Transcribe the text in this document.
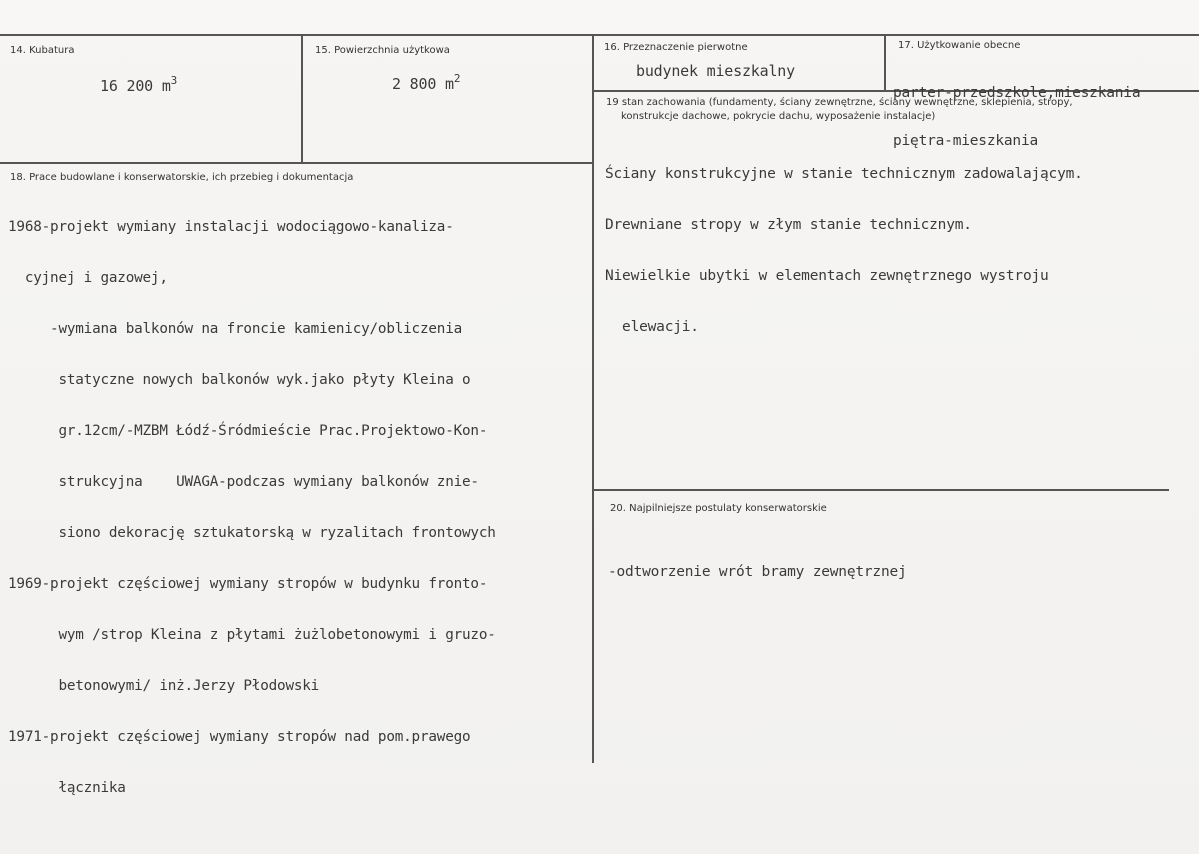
14. Kubatura
16 200 $m^3$
15. Powierzchnia użytkowa
2 800 $m^2$
16. Przeznaczenie pierwotne
budynek mieszkalny
17. Użytkowanie obecne

parter-przedszkole,mieszkania

piętra-mieszkania

19 stan zachowania (fundamenty, ściany zewnętrzne, ściany wewnętrzne, sklepienia, stropy,
konstrukcje dachowe, pokrycie dachu, wyposażenie instalacje)

Ściany konstrukcyjne w stanie technicznym zadowalającym.

Drewniane stropy w złym stanie technicznym.

Niewielkie ubytki w elementach zewnętrznego wystroju

elewacji.

18. Prace budowlane i konserwatorskie, ich przebieg i dokumentacja

1968-projekt wymiany instalacji wodociągowo-kanaliza-

cyjnej i gazowej,

-wymiana balkonów na froncie kamienicy/obliczenia

statyczne nowych balkonów wyk.jako płyty Kleina o

gr.12cm/-MZBM Łódź-Śródmieście Prac.Projektowo-Kon-

strukcyjna    UWAGA-podczas wymiany balkonów znie-

siono dekorację sztukatorską w ryzalitach frontowych

1969-projekt częściowej wymiany stropów w budynku fronto-

wym /strop Kleina z płytami żużlobetonowymi i gruzo-

betonowymi/ inż.Jerzy Płodowski

1971-projekt częściowej wymiany stropów nad pom.prawego

łącznika

20. Najpilniejsze postulaty konserwatorskie

-odtworzenie wrót bramy zewnętrznej
